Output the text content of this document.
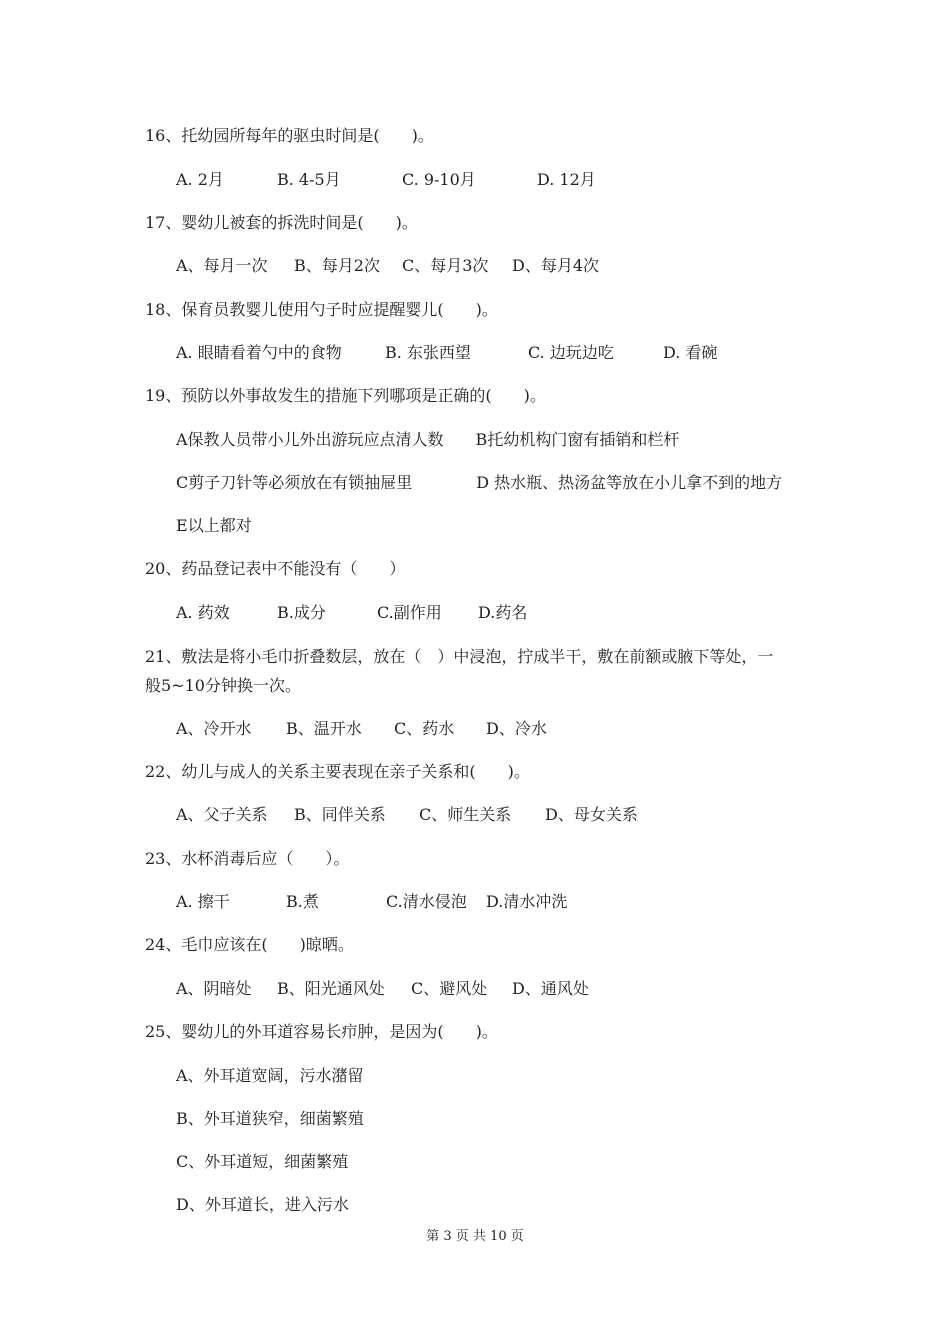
16、托幼园所每年的驱虫时间是(　　)。
A. 2月	B. 4-5月	C. 9-10月	D. 12月
17、婴幼儿被套的拆洗时间是(　　)。
A、每月一次 B、每月2次 C、每月3次 D、每月4次
18、保育员教婴儿使用勺子时应提醒婴儿(　　)。
A. 眼睛看着勺中的食物	B. 东张西望	C. 边玩边吃	D. 看碗
19、预防以外事故发生的措施下列哪项是正确的(　　)。
A保教人员带小儿外出游玩应点清人数　　B托幼机构门窗有插销和栏杆
C剪子刀针等必须放在有锁抽屉里　　　　D 热水瓶、热汤盆等放在小儿拿不到的地方
E以上都对
20、药品登记表中不能没有（　　）
A. 药效	B.成分	C.副作用 D.药名
21、敷法是将小毛巾折叠数层，放在（　）中浸泡，拧成半干，敷在前额或腋下等处，一
般5~10分钟换一次。
A、冷开水 B、温开水 C、药水 D、冷水
22、幼儿与成人的关系主要表现在亲子关系和(　　)。
A、父子关系 B、同伴关系 C、师生关系 D、母女关系
23、水杯消毒后应（　　）。
A. 擦干	B.煮	C.清水侵泡 D.清水冲洗
24、毛巾应该在(　　)晾晒。
A、阴暗处 B、阳光通风处 C、避风处 D、通风处
25、婴幼儿的外耳道容易长疖肿，是因为(　　)。
A、外耳道宽阔，污水潴留
B、外耳道狭窄，细菌繁殖
C、外耳道短，细菌繁殖
D、外耳道长，进入污水
第 3 页 共 10 页
